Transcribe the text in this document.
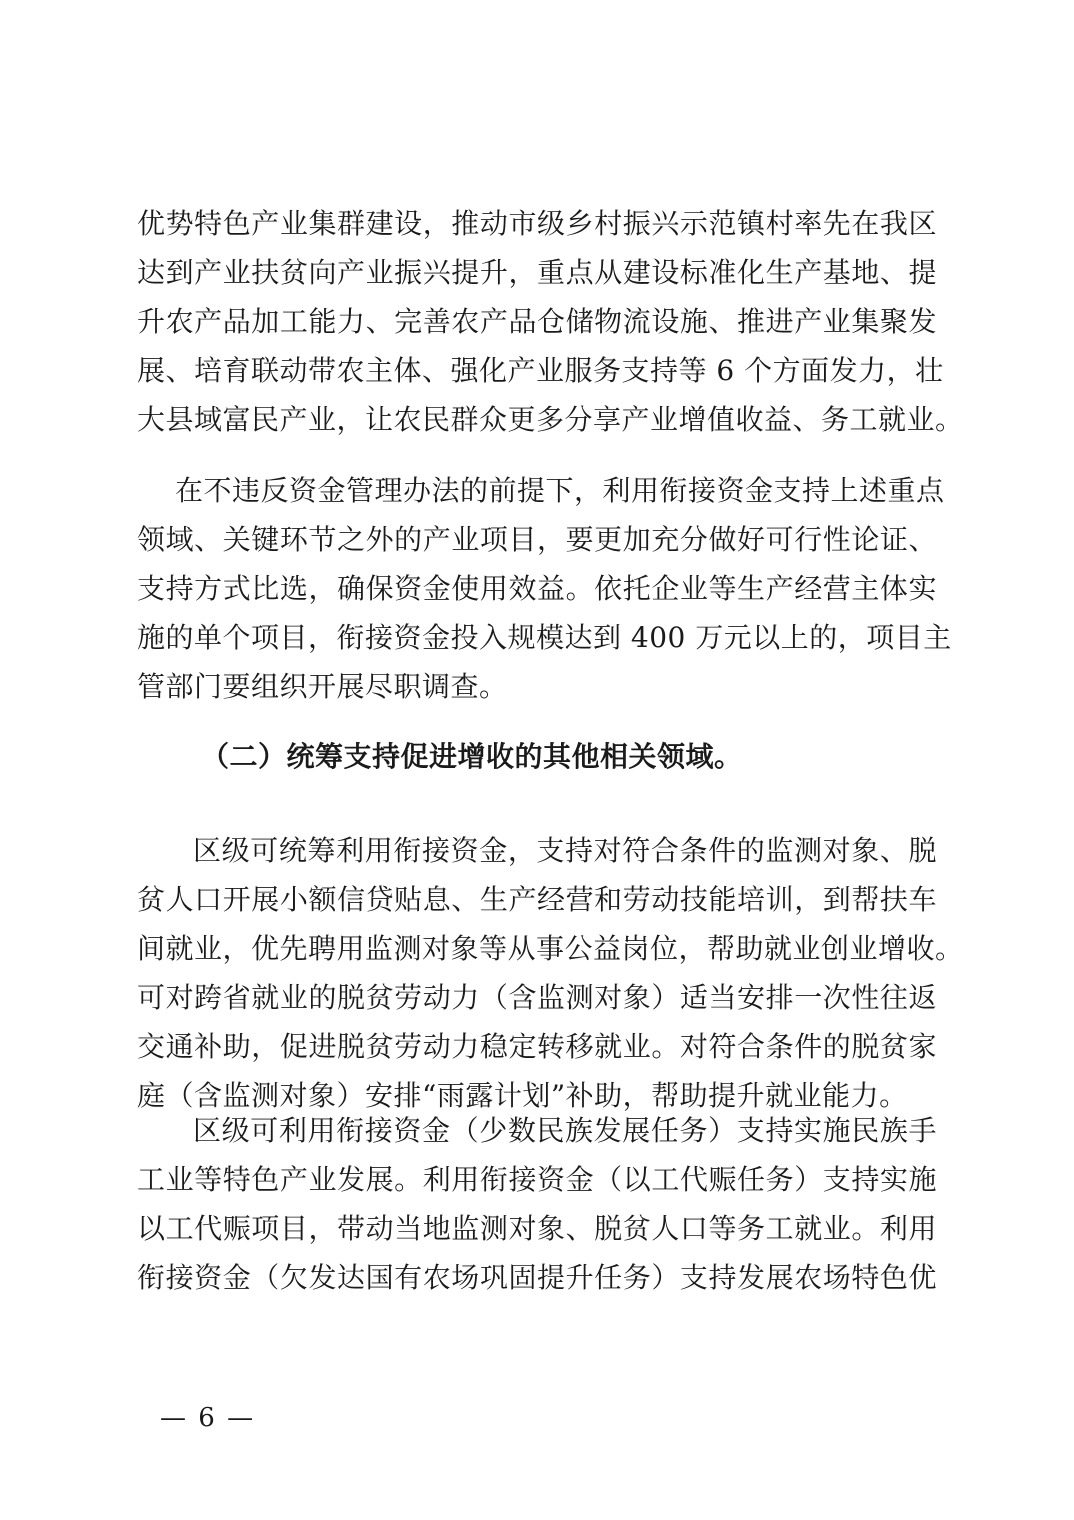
优势特色产业集群建设，推动市级乡村振兴示范镇村率先在我区
达到产业扶贫向产业振兴提升，重点从建设标准化生产基地、提
升农产品加工能力、完善农产品仓储物流设施、推进产业集聚发
展、培育联动带农主体、强化产业服务支持等 6 个方面发力，壮
大县域富民产业，让农民群众更多分享产业增值收益、务工就业。
在不违反资金管理办法的前提下，利用衔接资金支持上述重点
领域、关键环节之外的产业项目，要更加充分做好可行性论证、
支持方式比选，确保资金使用效益。依托企业等生产经营主体实
施的单个项目，衔接资金投入规模达到 400 万元以上的，项目主
管部门要组织开展尽职调查。
（二）统筹支持促进增收的其他相关领域。
区级可统筹利用衔接资金，支持对符合条件的监测对象、脱
贫人口开展小额信贷贴息、生产经营和劳动技能培训，到帮扶车
间就业，优先聘用监测对象等从事公益岗位，帮助就业创业增收。
可对跨省就业的脱贫劳动力（含监测对象）适当安排一次性往返
交通补助，促进脱贫劳动力稳定转移就业。对符合条件的脱贫家
庭（含监测对象）安排“雨露计划”补助，帮助提升就业能力。
区级可利用衔接资金（少数民族发展任务）支持实施民族手
工业等特色产业发展。利用衔接资金（以工代赈任务）支持实施
以工代赈项目，带动当地监测对象、脱贫人口等务工就业。利用
衔接资金（欠发达国有农场巩固提升任务）支持发展农场特色优
— 6 —
